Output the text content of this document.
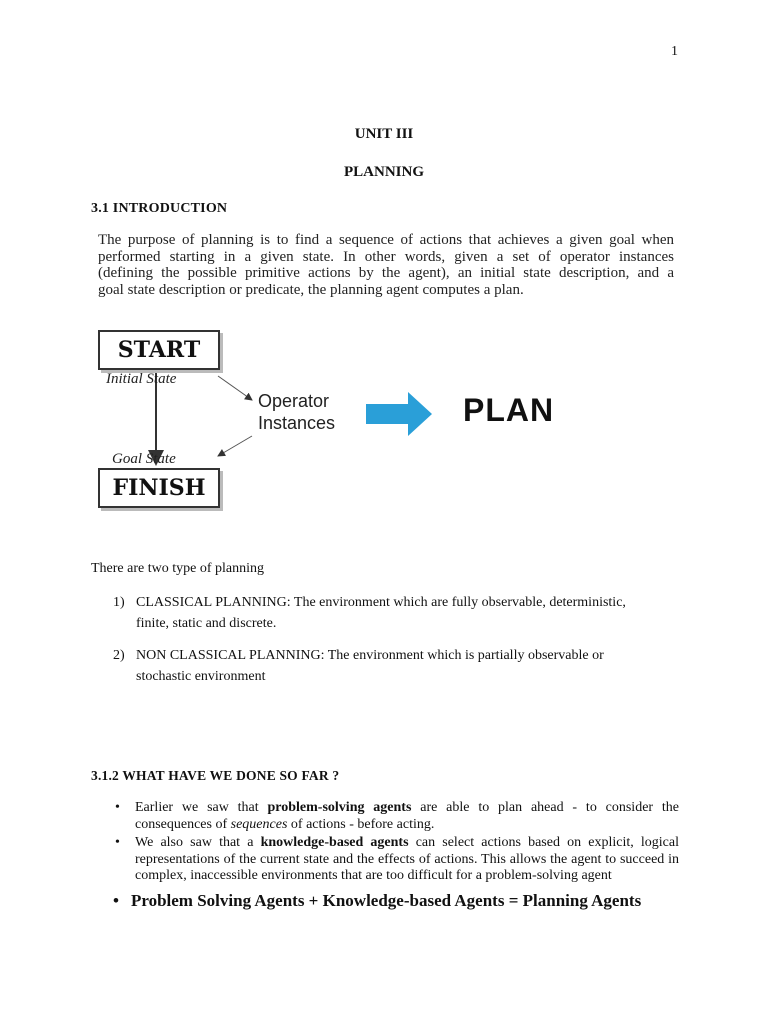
1
UNIT III
PLANNING
3.1 INTRODUCTION
The purpose of planning is to find a sequence of actions that achieves a given goal when
performed starting in a given state. In other words, given a set of operator instances
(defining the possible primitive actions by the agent), an initial state description, and a
goal state description or predicate, the planning agent computes a plan.
START
FINISH
Initial State
Goal State
Operator
Instances	PLAN
There are two type of planning
1) CLASSICAL PLANNING: The environment which are fully observable, deterministic,
finite, static and discrete.
2) NON CLASSICAL PLANNING: The environment which is partially observable or
stochastic environment
3.1.2 WHAT HAVE WE DONE SO FAR ?
• Earlier we saw that problem-solving agents are able to plan ahead - to consider the consequences of sequences of actions - before acting.
• We also saw that a knowledge-based agents can select actions based on explicit, logical representations of the current state and the effects of actions. This allows the agent to succeed in complex, inaccessible environments that are too difficult for a problem-solving agent
• Problem Solving Agents + Knowledge-based Agents = Planning Agents
